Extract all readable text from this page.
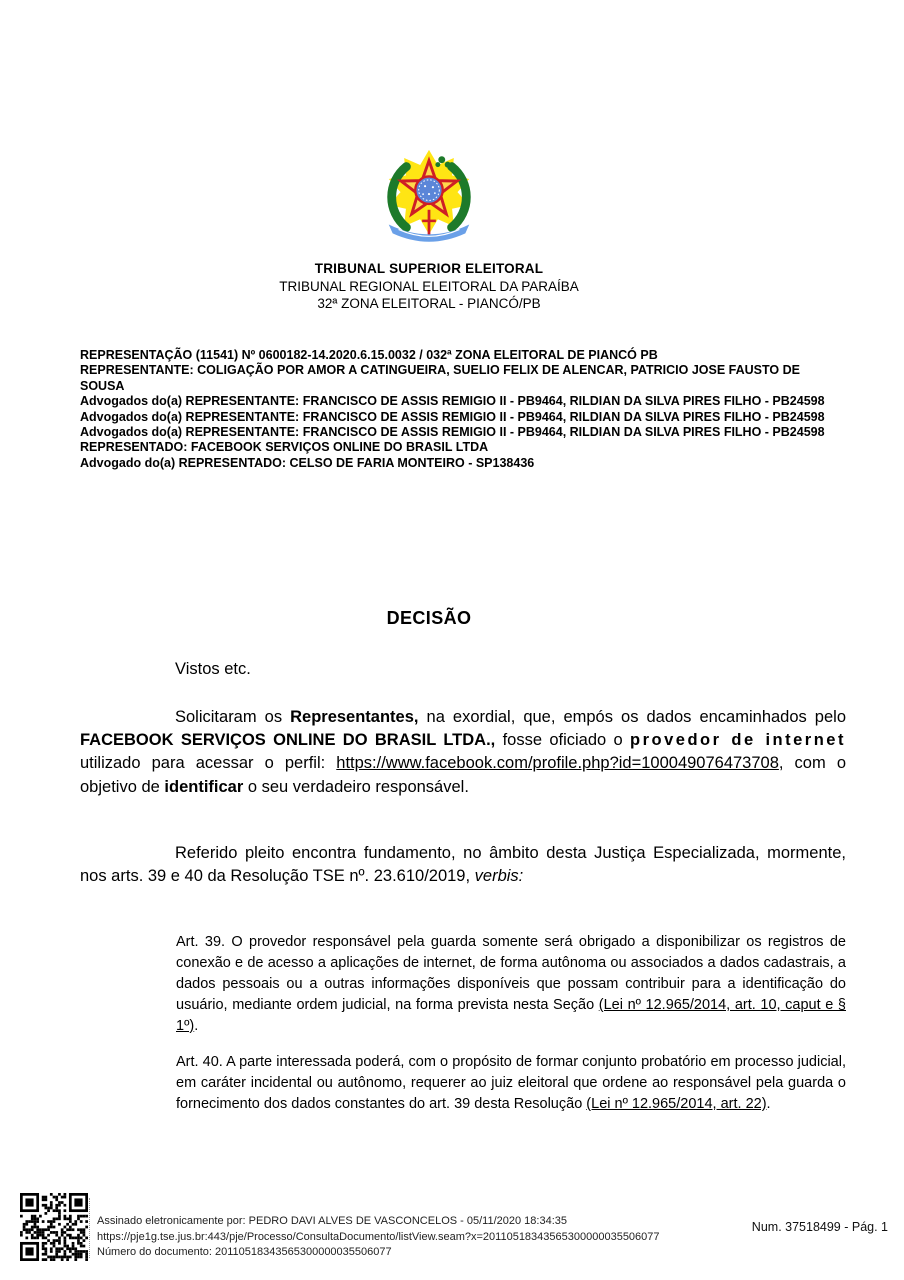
TRIBUNAL SUPERIOR ELEITORAL
TRIBUNAL REGIONAL ELEITORAL DA PARAÍBA
32ª ZONA ELEITORAL - PIANCÓ/PB
REPRESENTAÇÃO (11541) Nº 0600182-14.2020.6.15.0032 / 032ª ZONA ELEITORAL DE PIANCÓ PB
REPRESENTANTE: COLIGAÇÃO POR AMOR A CATINGUEIRA, SUELIO FELIX DE ALENCAR, PATRICIO JOSE FAUSTO DE SOUSA
Advogados do(a) REPRESENTANTE: FRANCISCO DE ASSIS REMIGIO II - PB9464, RILDIAN DA SILVA PIRES FILHO - PB24598
Advogados do(a) REPRESENTANTE: FRANCISCO DE ASSIS REMIGIO II - PB9464, RILDIAN DA SILVA PIRES FILHO - PB24598
Advogados do(a) REPRESENTANTE: FRANCISCO DE ASSIS REMIGIO II - PB9464, RILDIAN DA SILVA PIRES FILHO - PB24598
REPRESENTADO: FACEBOOK SERVIÇOS ONLINE DO BRASIL LTDA
Advogado do(a) REPRESENTADO: CELSO DE FARIA MONTEIRO - SP138436
DECISÃO

Vistos etc.

Solicitaram os Representantes, na exordial, que, empós os dados encaminhados pelo FACEBOOK SERVIÇOS ONLINE DO BRASIL LTDA., fosse oficiado o provedor de internet utilizado para acessar o perfil: https://www.facebook.com/profile.php?id=100049076473708, com o objetivo de identificar o seu verdadeiro responsável.

Referido pleito encontra fundamento, no âmbito desta Justiça Especializada, mormente, nos arts. 39 e 40 da Resolução TSE nº. 23.610/2019, verbis:

Art. 39. O provedor responsável pela guarda somente será obrigado a disponibilizar os registros de conexão e de acesso a aplicações de internet, de forma autônoma ou associados a dados cadastrais, a dados pessoais ou a outras informações disponíveis que possam contribuir para a identificação do usuário, mediante ordem judicial, na forma prevista nesta Seção (Lei nº 12.965/2014, art. 10, caput e § 1º).
Art. 40. A parte interessada poderá, com o propósito de formar conjunto probatório em processo judicial, em caráter incidental ou autônomo, requerer ao juiz eleitoral que ordene ao responsável pela guarda o fornecimento dos dados constantes do art. 39 desta Resolução (Lei nº 12.965/2014, art. 22).
Assinado eletronicamente por: PEDRO DAVI ALVES DE VASCONCELOS - 05/11/2020 18:34:35
https://pje1g.tse.jus.br:443/pje/Processo/ConsultaDocumento/listView.seam?x=20110518343565300000035506077
Número do documento: 20110518343565300000035506077
Num. 37518499 - Pág. 1
